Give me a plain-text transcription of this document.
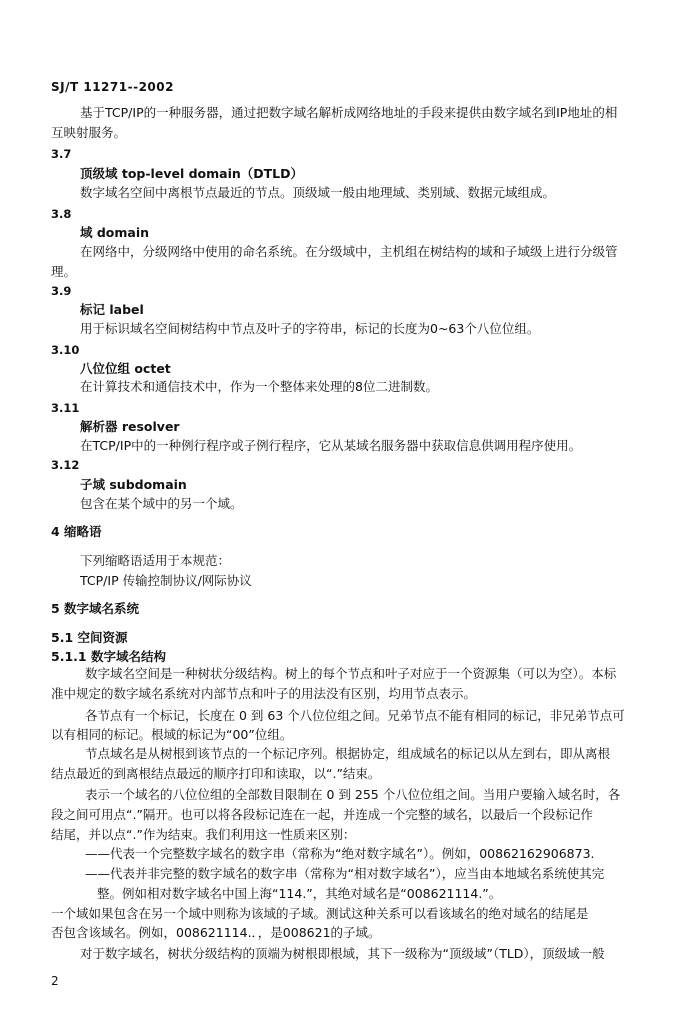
SJ/T 11271--2002
基于TCP/IP的一种服务器，通过把数字域名解析成网络地址的手段来提供由数字域名到IP地址的相
互映射服务。
3.7
顶级域 top-level domain（DTLD）
数字域名空间中离根节点最近的节点。顶级域一般由地理域、类别域、数据元域组成。
3.8
域 domain
在网络中，分级网络中使用的命名系统。在分级域中，主机组在树结构的域和子域级上进行分级管
理。
3.9
标记 label
用于标识域名空间树结构中节点及叶子的字符串，标记的长度为0~63个八位位组。
3.10
八位位组 octet
在计算技术和通信技术中，作为一个整体来处理的8位二进制数。
3.11
解析器 resolver
在TCP/IP中的一种例行程序或子例行程序，它从某域名服务器中获取信息供调用程序使用。
3.12
子域 subdomain
包含在某个域中的另一个域。
4 缩略语
下列缩略语适用于本规范：
TCP/IP 传输控制协议/网际协议
5 数字域名系统
5.1 空间资源
5.1.1 数字域名结构
数字域名空间是一种树状分级结构。树上的每个节点和叶子对应于一个资源集（可以为空）。本标
准中规定的数字域名系统对内部节点和叶子的用法没有区别，均用节点表示。
各节点有一个标记，长度在 0 到 63 个八位位组之间。兄弟节点不能有相同的标记，非兄弟节点可
以有相同的标记。根域的标记为“00”位组。
节点域名是从树根到该节点的一个标记序列。根据协定，组成域名的标记以从左到右，即从离根
结点最近的到离根结点最远的顺序打印和读取，以“.”结束。
表示一个域名的八位位组的全部数目限制在 0 到 255 个八位位组之间。当用户要输入域名时，各
段之间可用点“.”隔开。也可以将各段标记连在一起，并连成一个完整的域名，以最后一个段标记作
结尾，并以点“.”作为结束。我们利用这一性质来区别：
——代表一个完整数字域名的数字串（常称为“绝对数字域名”）。例如，00862162906873.
——代表并非完整的数字域名的数字串（常称为“相对数字域名”），应当由本地域名系统使其完
整。例如相对数字域名中国上海“114.”，其绝对域名是“008621114.”。
一个域如果包含在另一个域中则称为该域的子域。测试这种关系可以看该域名的绝对域名的结尾是
否包含该域名。例如，008621114.．，是008621的子域。
对于数字域名，树状分级结构的顶端为树根即根域，其下一级称为“顶级域”（TLD），顶级域一般
2
